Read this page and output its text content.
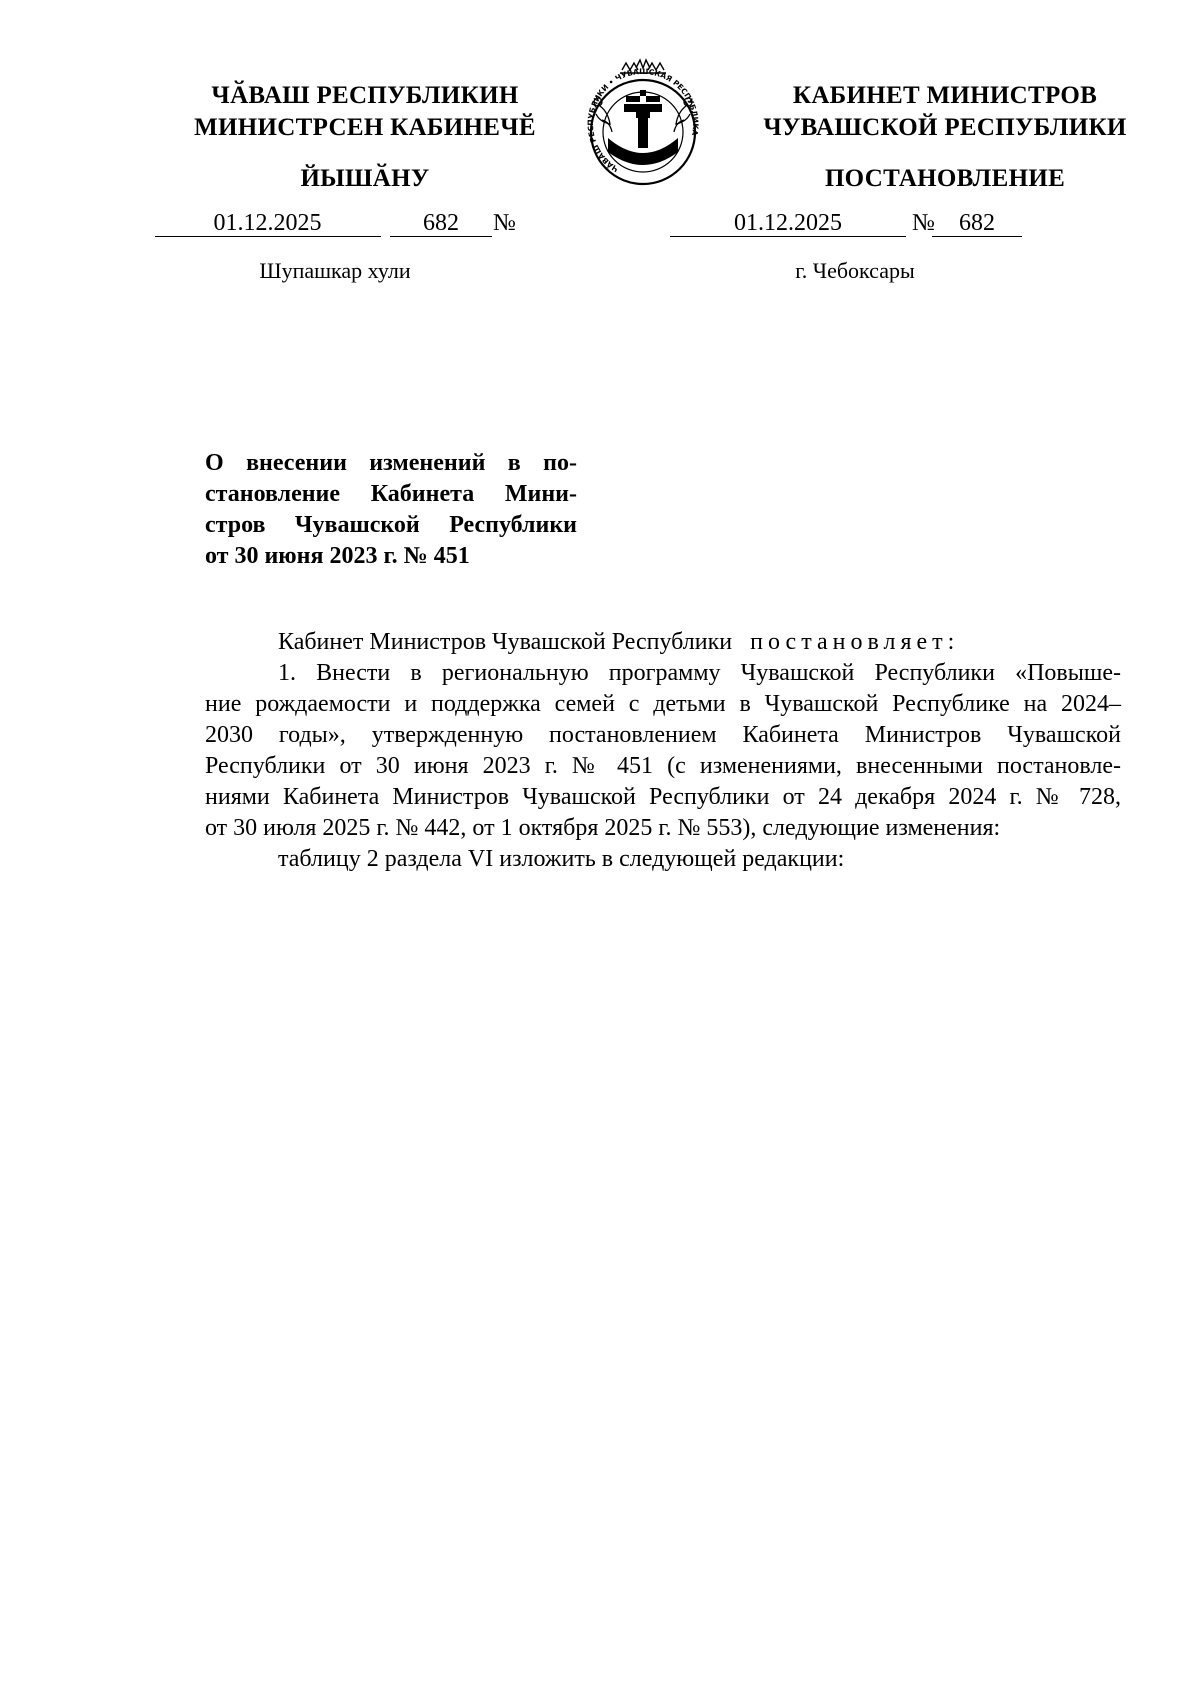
ЧӐВАШ РЕСПУБЛИКИН
МИНИСТРСЕН КАБИНЕЧӖ
ЙЫШӐНУ
КАБИНЕТ МИНИСТРОВ
ЧУВАШСКОЙ РЕСПУБЛИКИ
ПОСТАНОВЛЕНИЕ
ЧӐВАШ РЕСПУБЛИКИ • ЧУВАШСКАЯ РЕСПУБЛИКА
01.12.2025	682	№	01.12.2025	№	682
Шупашкар хули	г. Чебоксары
О внесении изменений в по-
становление Кабинета Мини-
стров Чувашской Республики
от 30 июня 2023 г. № 451
Кабинет Министров Чувашской Республики постановляет:
1. Внести в региональную программу Чувашской Республики «Повыше-
ние рождаемости и поддержка семей с детьми в Чувашской Республике на 2024–
2030 годы», утвержденную постановлением Кабинета Министров Чувашской
Республики от 30 июня 2023 г. № 451 (с изменениями, внесенными постановле-
ниями Кабинета Министров Чувашской Республики от 24 декабря 2024 г. № 728,
от 30 июля 2025 г. № 442, от 1 октября 2025 г. № 553), следующие изменения:
таблицу 2 раздела VI изложить в следующей редакции:
